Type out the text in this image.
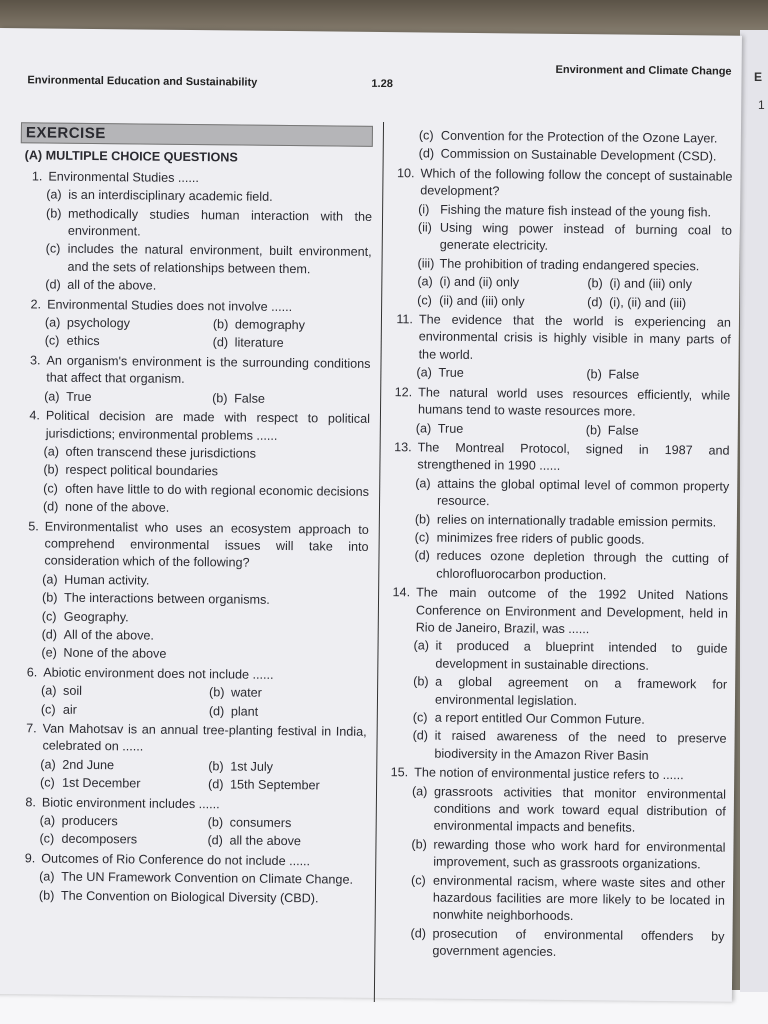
E
1
Environmental Education and Sustainability	1.28
Environment and Climate Change
EXERCISE
(A) MULTIPLE CHOICE QUESTIONS
1. Environmental Studies ......
(a) is an interdisciplinary academic field.
(b) methodically studies human interaction with the environment.
(c) includes the natural environment, built environment, and the sets of relationships between them.
(d) all of the above.
2. Environmental Studies does not involve ......
(a) psychology	(b) demography
(c) ethics	(d) literature
3. An organism's environment is the surrounding conditions that affect that organism.
(a) True	(b) False
4. Political decision are made with respect to political jurisdictions; environmental problems ......
(a) often transcend these jurisdictions
(b) respect political boundaries
(c) often have little to do with regional economic decisions
(d) none of the above.
5. Environmentalist who uses an ecosystem approach to comprehend environmental issues will take into consideration which of the following?
(a) Human activity.
(b) The interactions between organisms.
(c) Geography.
(d) All of the above.
(e) None of the above
6. Abiotic environment does not include ......
(a) soil	(b) water
(c) air	(d) plant
7. Van Mahotsav is an annual tree-planting festival in India, celebrated on ......
(a) 2nd June	(b) 1st July
(c) 1st December	(d) 15th September
8. Biotic environment includes ......
(a) producers	(b) consumers
(c) decomposers	(d) all the above
9. Outcomes of Rio Conference do not include ......
(a) The UN Framework Convention on Climate Change.
(b) The Convention on Biological Diversity (CBD).
(c) Convention for the Protection of the Ozone Layer.
(d) Commission on Sustainable Development (CSD).
10. Which of the following follow the concept of sustainable development?
(i) Fishing the mature fish instead of the young fish.
(ii) Using wing power instead of burning coal to generate electricity.
(iii) The prohibition of trading endangered species.
(a) (i) and (ii) only	(b) (i) and (iii) only
(c) (ii) and (iii) only	(d) (i), (ii) and (iii)
11. The evidence that the world is experiencing an environmental crisis is highly visible in many parts of the world.
(a) True	(b) False
12. The natural world uses resources efficiently, while humans tend to waste resources more.
(a) True	(b) False
13. The Montreal Protocol, signed in 1987 and strengthened in 1990 ......
(a) attains the global optimal level of common property resource.
(b) relies on internationally tradable emission permits.
(c) minimizes free riders of public goods.
(d) reduces ozone depletion through the cutting of chlorofluorocarbon production.
14. The main outcome of the 1992 United Nations Conference on Environment and Development, held in Rio de Janeiro, Brazil, was ......
(a) it produced a blueprint intended to guide development in sustainable directions.
(b) a global agreement on a framework for environmental legislation.
(c) a report entitled Our Common Future.
(d) it raised awareness of the need to preserve biodiversity in the Amazon River Basin
15. The notion of environmental justice refers to ......
(a) grassroots activities that monitor environmental conditions and work toward equal distribution of environmental impacts and benefits.
(b) rewarding those who work hard for environmental improvement, such as grassroots organizations.
(c) environmental racism, where waste sites and other hazardous facilities are more likely to be located in nonwhite neighborhoods.
(d) prosecution of environmental offenders by government agencies.
